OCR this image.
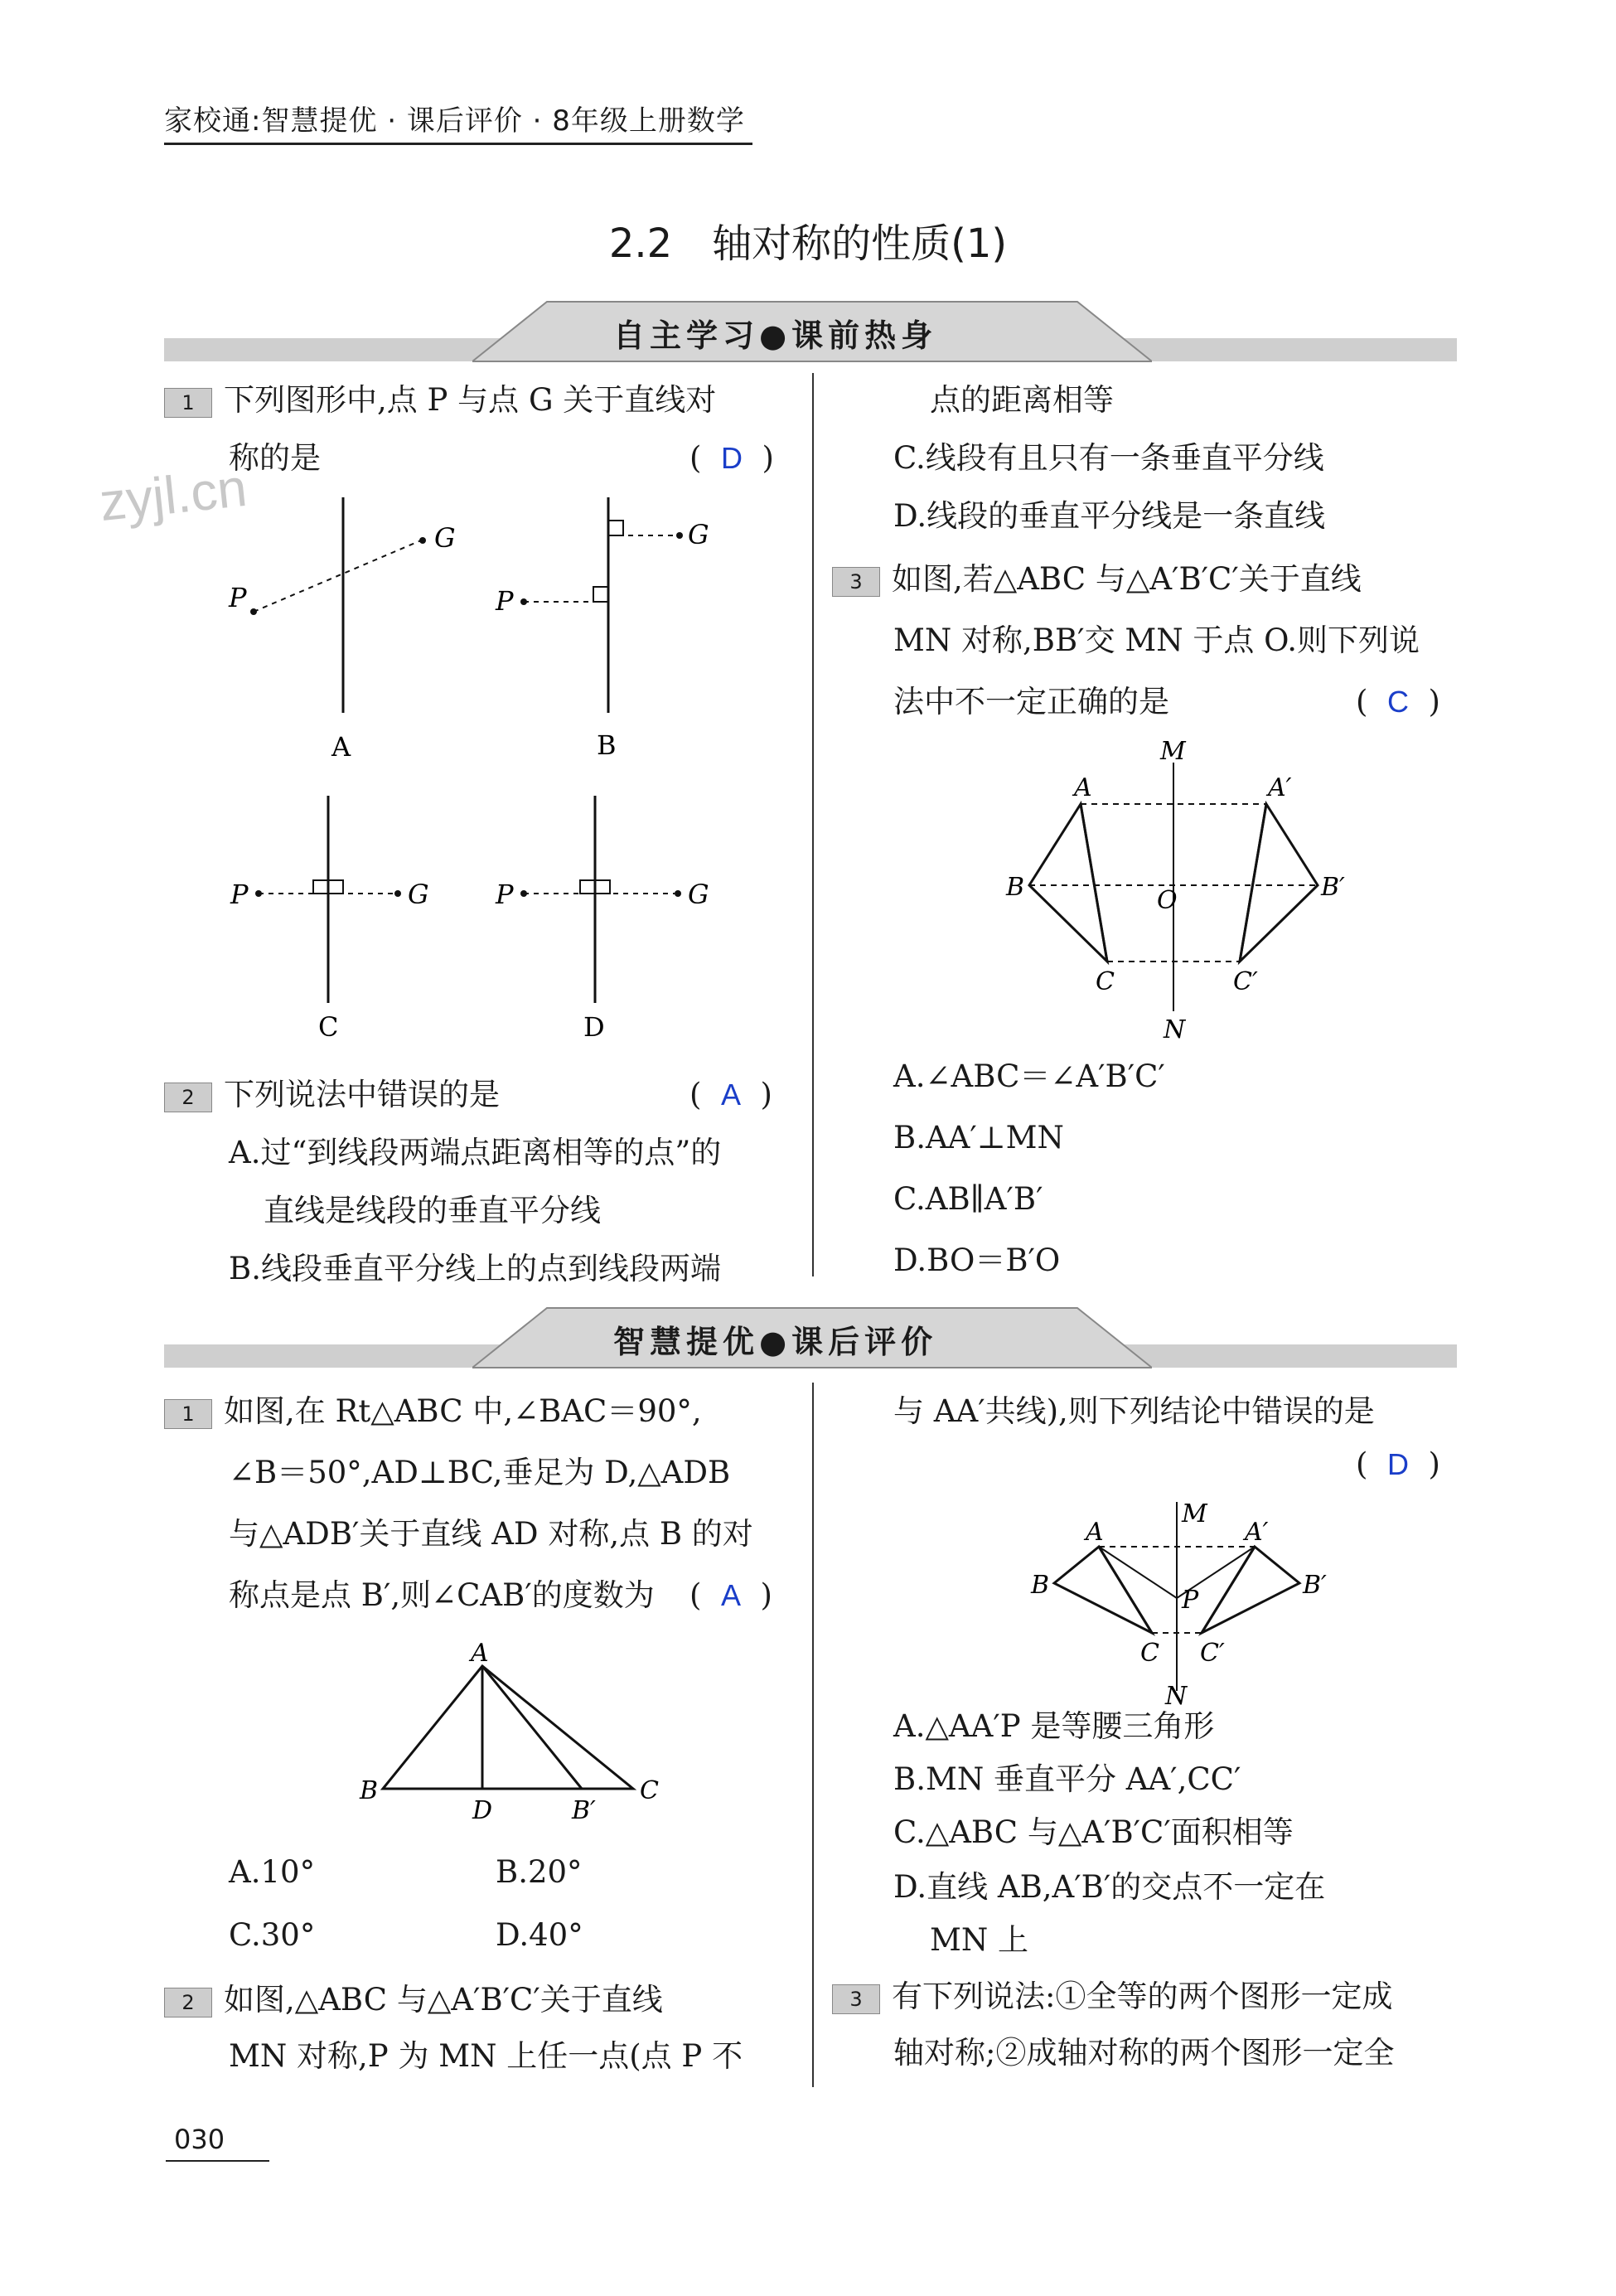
家校通:智慧提优 · 课后评价 · 8年级上册数学
2.2　轴对称的性质(1)
zyjl.cn
自主学习●课前热身
智慧提优●课后评价
1 下列图形中,点 P 与点 G 关于直线对
称的是	(  D  )
P
G
A
P
G
B
P	G
C
P	G
D
2 下列说法中错误的是	(  A  )
A.过“到线段两端点距离相等的点”的
直线是线段的垂直平分线
B.线段垂直平分线上的点到线段两端
点的距离相等
C.线段有且只有一条垂直平分线
D.线段的垂直平分线是一条直线
3 如图,若△ABC 与△A′B′C′关于直线
MN 对称,BB′交 MN 于点 O.则下列说
法中不一定正确的是	(  C  )
M
N
A	A′
B	B′
C	C′
O
A.∠ABC＝∠A′B′C′
B.AA′⊥MN
C.AB∥A′B′
D.BO＝B′O
1 如图,在 Rt△ABC 中,∠BAC＝90°,
∠B＝50°,AD⊥BC,垂足为 D,△ADB
与△ADB′关于直线 AD 对称,点 B 的对
称点是点 B′,则∠CAB′的度数为 (  A  )
A
B	C
D	B′
A.10°	B.20°
C.30°	D.40°
2 如图,△ABC 与△A′B′C′关于直线
MN 对称,P 为 MN 上任一点(点 P 不
与 AA′共线),则下列结论中错误的是
(  D  )
M
N
A	A′
B	B′
C C′
P
A.△AA′P 是等腰三角形
B.MN 垂直平分 AA′,CC′
C.△ABC 与△A′B′C′面积相等
D.直线 AB,A′B′的交点不一定在
MN 上
3 有下列说法:①全等的两个图形一定成
轴对称;②成轴对称的两个图形一定全
030
